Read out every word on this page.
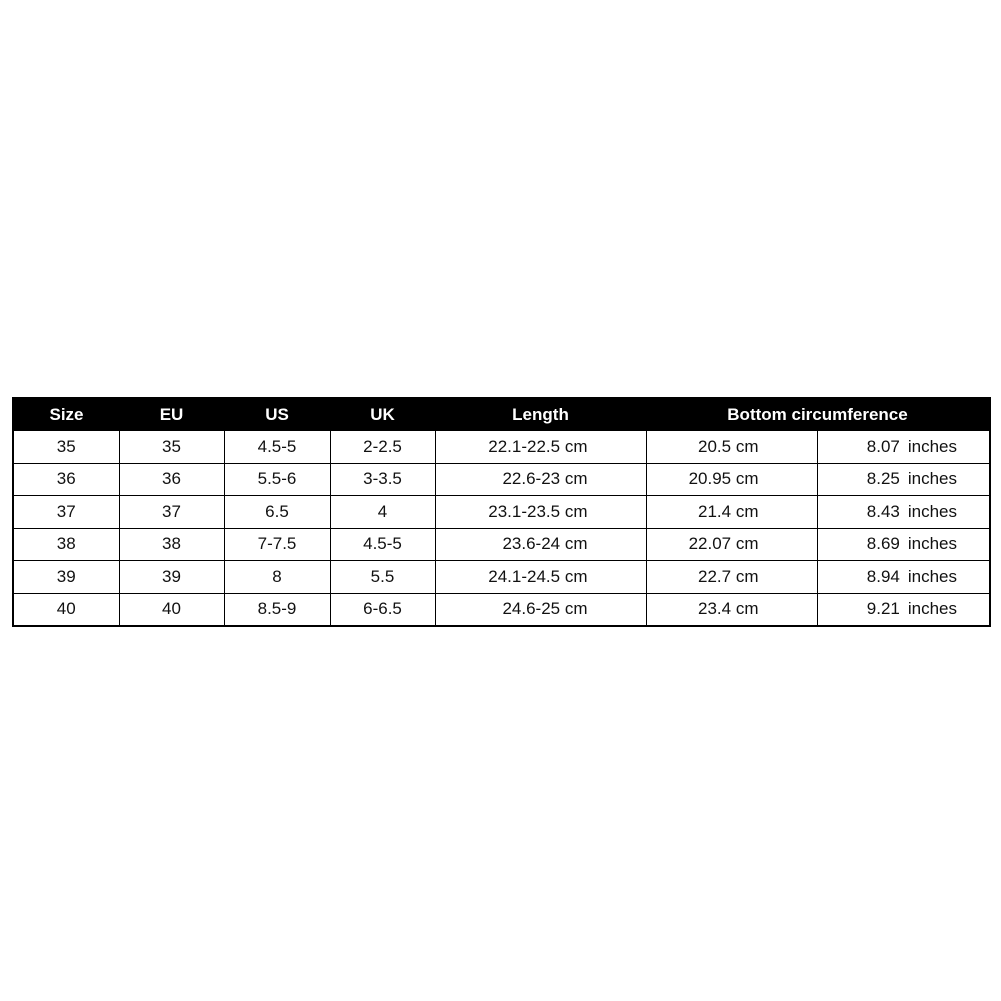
Size	EU	US	UK	Length	Bottom circumference	
35	35	4.5-5	2-2.5	22.1-22.5 cm	20.5 cm	8.07 inches
36	36	5.5-6	3-3.5	22.6-23 cm	20.95 cm	8.25 inches
37	37	6.5	4	23.1-23.5 cm	21.4 cm	8.43 inches
38	38	7-7.5	4.5-5	23.6-24 cm	22.07 cm	8.69 inches
39	39	8	5.5	24.1-24.5 cm	22.7 cm	8.94 inches
40	40	8.5-9	6-6.5	24.6-25 cm	23.4 cm	9.21 inches
